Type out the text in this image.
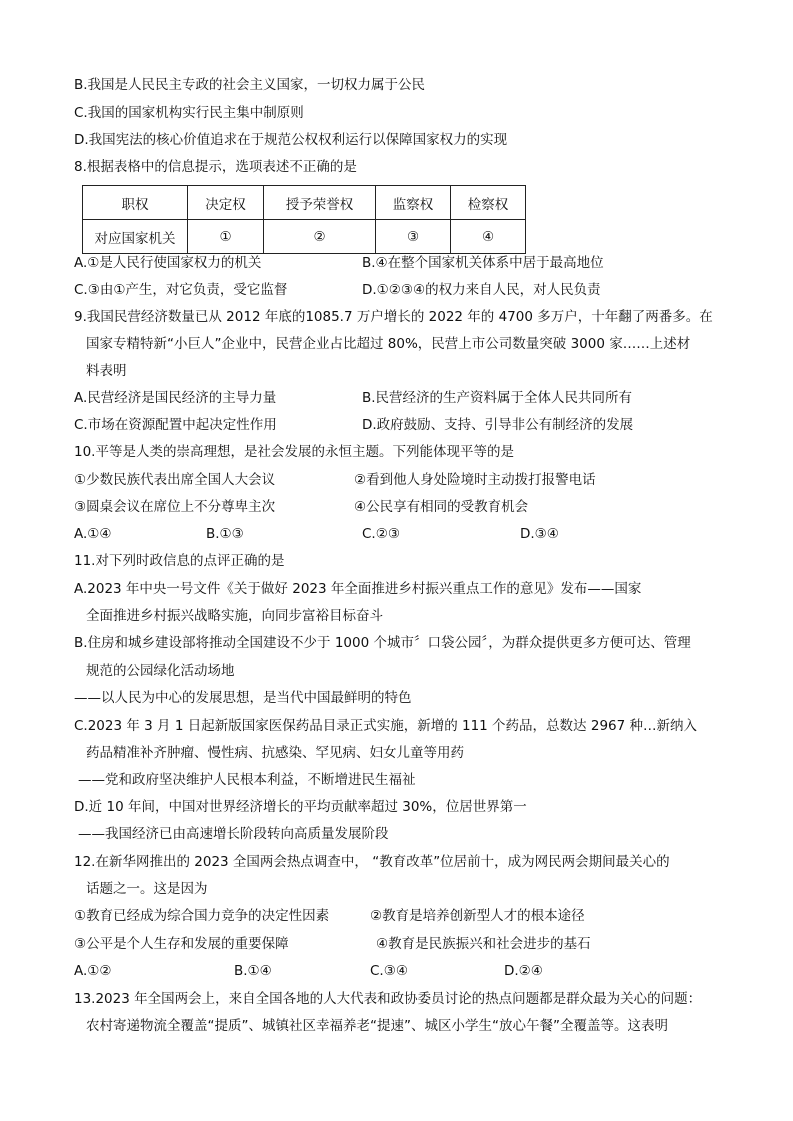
B.我国是人民民主专政的社会主义国家，一切权力属于公民
C.我国的国家机构实行民主集中制原则
D.我国宪法的核心价值追求在于规范公权权利运行以保障国家权力的实现
8.根据表格中的信息提示，选项表述不正确的是
职权	决定权	授予荣誉权	监察权	检察权
对应国家机关	①	②	③	④
A.①是人民行使国家权力的机关	B.④在整个国家机关体系中居于最高地位
C.③由①产生，对它负责，受它监督	D.①②③④的权力来自人民，对人民负责
9.我国民营经济数量已从 2012 年底的1085.7 万户增长的 2022 年的 4700 多万户，十年翻了两番多。在
国家专精特新“小巨人”企业中，民营企业占比超过 80%，民营上市公司数量突破 3000 家……上述材
料表明
A.民营经济是国民经济的主导力量	B.民营经济的生产资料属于全体人民共同所有
C.市场在资源配置中起决定性作用	D.政府鼓励、支持、引导非公有制经济的发展
10.平等是人类的崇高理想，是社会发展的永恒主题。下列能体现平等的是
①少数民族代表出席全国人大会议	②看到他人身处险境时主动拨打报警电话
③圆桌会议在席位上不分尊卑主次	④公民享有相同的受教育机会
A.①④	B.①③	C.②③	D.③④
11.对下列时政信息的点评正确的是
A.2023 年中央一号文件《关于做好 2023 年全面推进乡村振兴重点工作的意见》发布——国家
全面推进乡村振兴战略实施，向同步富裕目标奋斗
B.住房和城乡建设部将推动全国建设不少于 1000 个城市〞口袋公园〞，为群众提供更多方便可达、管理
规范的公园绿化活动场地
——以人民为中心的发展思想，是当代中国最鲜明的特色
C.2023 年 3 月 1 日起新版国家医保药品目录正式实施，新增的 111 个药品，总数达 2967 种…新纳入
药品精准补齐肿瘤、慢性病、抗感染、罕见病、妇女儿童等用药
——党和政府坚决维护人民根本利益，不断增进民生福祉
D.近 10 年间，中国对世界经济增长的平均贡献率超过 30%，位居世界第一
——我国经济已由高速增长阶段转向高质量发展阶段
12.在新华网推出的 2023 全国两会热点调查中， “教育改革”位居前十，成为网民两会期间最关心的
话题之一。这是因为
①教育已经成为综合国力竞争的决定性因素	②教育是培养创新型人才的根本途径
③公平是个人生存和发展的重要保障	④教育是民族振兴和社会进步的基石
A.①②	B.①④	C.③④	D.②④
13.2023 年全国两会上，来自全国各地的人大代表和政协委员讨论的热点问题都是群众最为关心的问题：
农村寄递物流全覆盖“提质”、城镇社区幸福养老“提速”、城区小学生“放心午餐”全覆盖等。这表明
